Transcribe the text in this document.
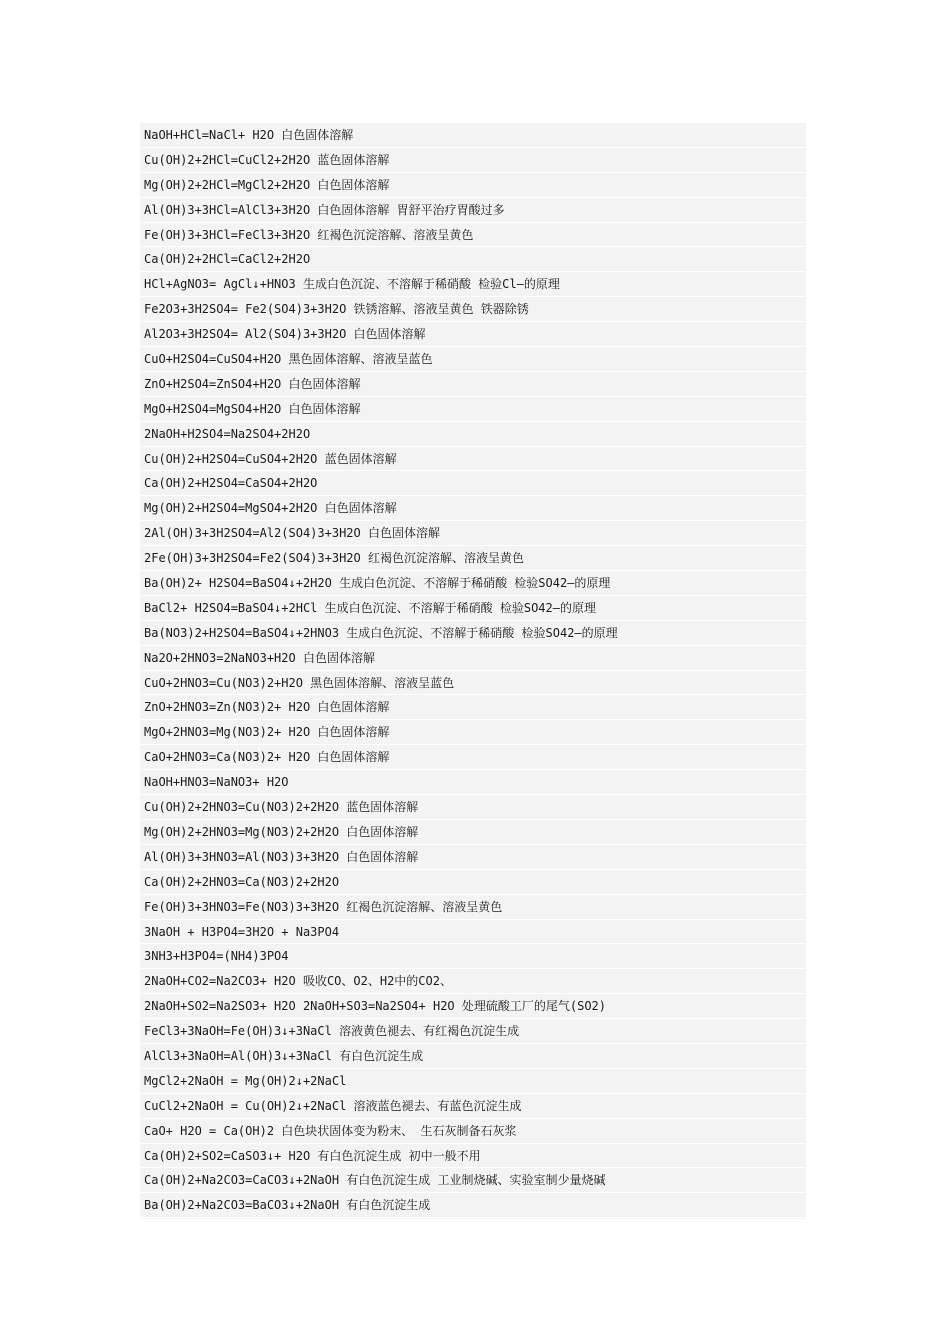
NaOH+HCl=NaCl+ H2O 白色固体溶解
Cu(OH)2+2HCl=CuCl2+2H2O 蓝色固体溶解
Mg(OH)2+2HCl=MgCl2+2H2O 白色固体溶解
Al(OH)3+3HCl=AlCl3+3H2O 白色固体溶解 胃舒平治疗胃酸过多
Fe(OH)3+3HCl=FeCl3+3H2O 红褐色沉淀溶解、溶液呈黄色
Ca(OH)2+2HCl=CaCl2+2H2O
HCl+AgNO3= AgCl↓+HNO3 生成白色沉淀、不溶解于稀硝酸 检验Cl—的原理
Fe2O3+3H2SO4= Fe2(SO4)3+3H2O 铁锈溶解、溶液呈黄色 铁器除锈
Al2O3+3H2SO4= Al2(SO4)3+3H2O 白色固体溶解
CuO+H2SO4=CuSO4+H2O 黑色固体溶解、溶液呈蓝色
ZnO+H2SO4=ZnSO4+H2O 白色固体溶解
MgO+H2SO4=MgSO4+H2O 白色固体溶解
2NaOH+H2SO4=Na2SO4+2H2O
Cu(OH)2+H2SO4=CuSO4+2H2O 蓝色固体溶解
Ca(OH)2+H2SO4=CaSO4+2H2O
Mg(OH)2+H2SO4=MgSO4+2H2O 白色固体溶解
2Al(OH)3+3H2SO4=Al2(SO4)3+3H2O 白色固体溶解
2Fe(OH)3+3H2SO4=Fe2(SO4)3+3H2O 红褐色沉淀溶解、溶液呈黄色
Ba(OH)2+ H2SO4=BaSO4↓+2H2O 生成白色沉淀、不溶解于稀硝酸 检验SO42—的原理
BaCl2+ H2SO4=BaSO4↓+2HCl 生成白色沉淀、不溶解于稀硝酸 检验SO42—的原理
Ba(NO3)2+H2SO4=BaSO4↓+2HNO3 生成白色沉淀、不溶解于稀硝酸 检验SO42—的原理
Na2O+2HNO3=2NaNO3+H2O 白色固体溶解
CuO+2HNO3=Cu(NO3)2+H2O 黑色固体溶解、溶液呈蓝色
ZnO+2HNO3=Zn(NO3)2+ H2O 白色固体溶解
MgO+2HNO3=Mg(NO3)2+ H2O 白色固体溶解
CaO+2HNO3=Ca(NO3)2+ H2O 白色固体溶解
NaOH+HNO3=NaNO3+ H2O
Cu(OH)2+2HNO3=Cu(NO3)2+2H2O 蓝色固体溶解
Mg(OH)2+2HNO3=Mg(NO3)2+2H2O 白色固体溶解
Al(OH)3+3HNO3=Al(NO3)3+3H2O 白色固体溶解
Ca(OH)2+2HNO3=Ca(NO3)2+2H2O
Fe(OH)3+3HNO3=Fe(NO3)3+3H2O 红褐色沉淀溶解、溶液呈黄色
3NaOH + H3PO4=3H2O + Na3PO4
3NH3+H3PO4=(NH4)3PO4
2NaOH+CO2=Na2CO3+ H2O 吸收CO、O2、H2中的CO2、
2NaOH+SO2=Na2SO3+ H2O 2NaOH+SO3=Na2SO4+ H2O 处理硫酸工厂的尾气(SO2)
FeCl3+3NaOH=Fe(OH)3↓+3NaCl 溶液黄色褪去、有红褐色沉淀生成
AlCl3+3NaOH=Al(OH)3↓+3NaCl 有白色沉淀生成
MgCl2+2NaOH = Mg(OH)2↓+2NaCl
CuCl2+2NaOH = Cu(OH)2↓+2NaCl 溶液蓝色褪去、有蓝色沉淀生成
CaO+ H2O = Ca(OH)2 白色块状固体变为粉末、 生石灰制备石灰浆
Ca(OH)2+SO2=CaSO3↓+ H2O 有白色沉淀生成 初中一般不用
Ca(OH)2+Na2CO3=CaCO3↓+2NaOH 有白色沉淀生成 工业制烧碱、实验室制少量烧碱
Ba(OH)2+Na2CO3=BaCO3↓+2NaOH 有白色沉淀生成
